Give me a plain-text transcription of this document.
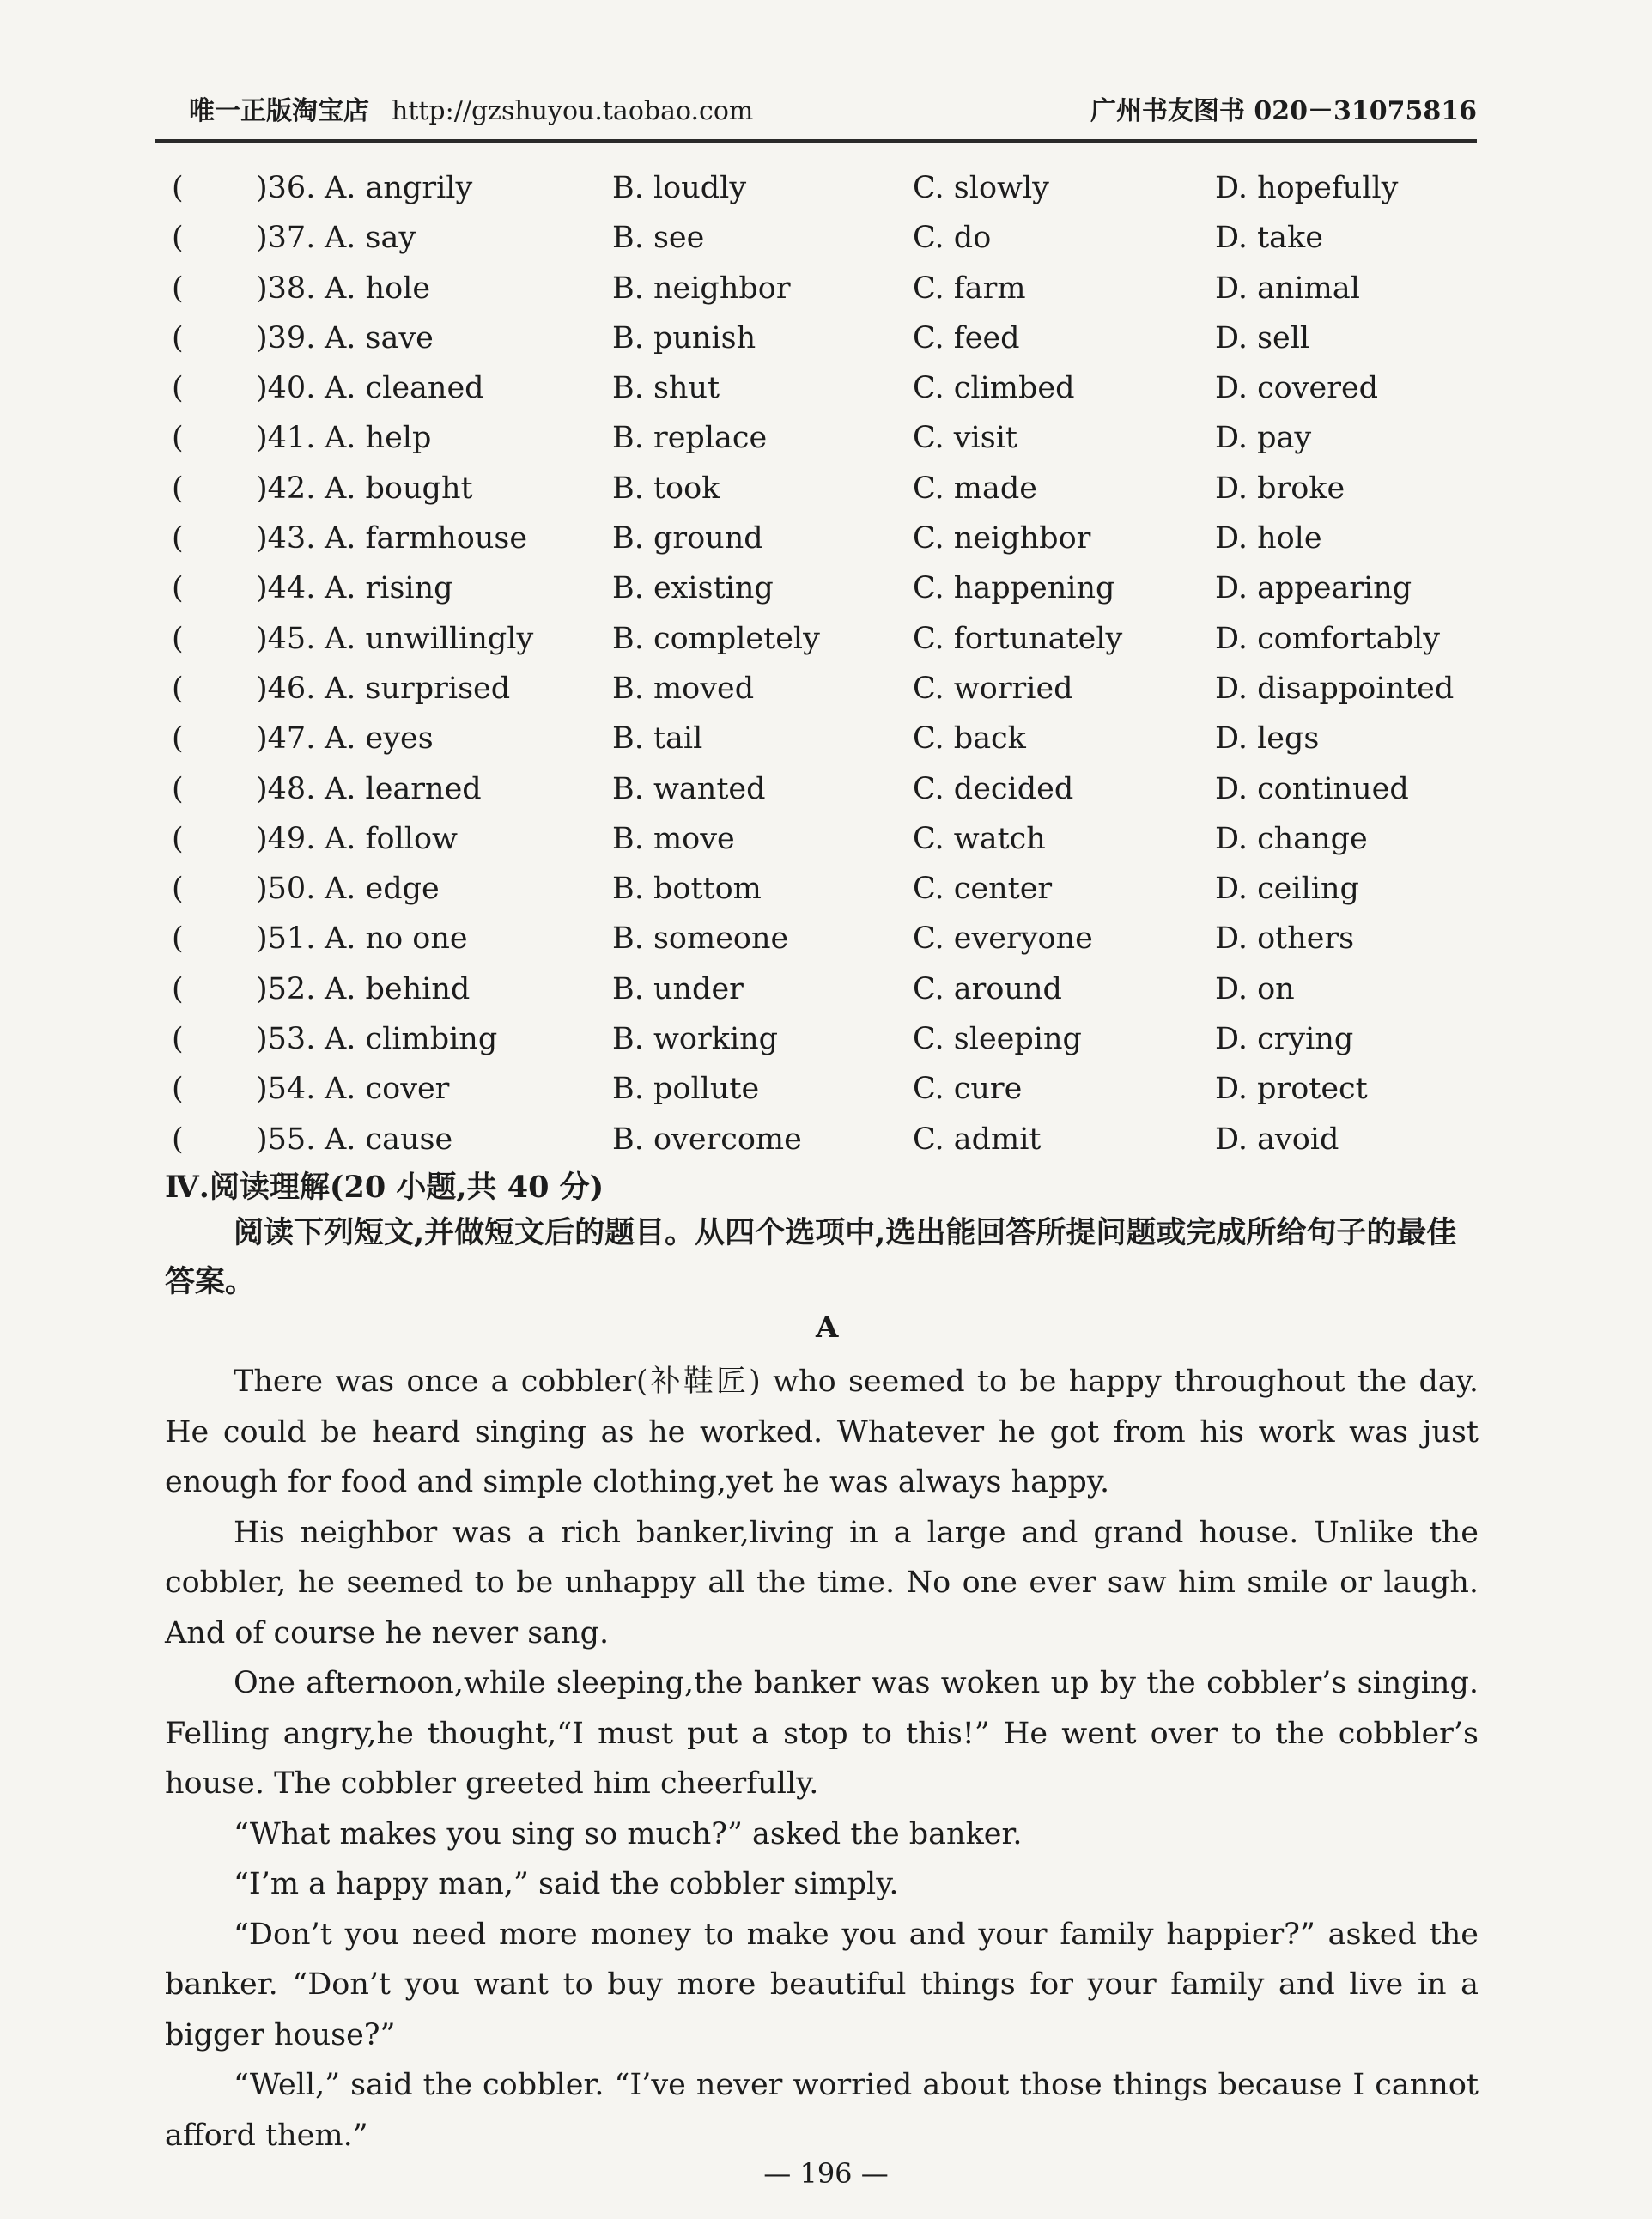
唯一正版淘宝店 http://gzshuyou.taobao.com	广州书友图书 020－31075816
( )36. A. angrily	B. loudly	C. slowly	D. hopefully
( )37. A. say	B. see	C. do	D. take
( )38. A. hole	B. neighbor	C. farm	D. animal
( )39. A. save	B. punish	C. feed	D. sell
( )40. A. cleaned	B. shut	C. climbed	D. covered
( )41. A. help	B. replace	C. visit	D. pay
( )42. A. bought	B. took	C. made	D. broke
( )43. A. farmhouse	B. ground	C. neighbor	D. hole
( )44. A. rising	B. existing	C. happening	D. appearing
( )45. A. unwillingly	B. completely	C. fortunately	D. comfortably
( )46. A. surprised	B. moved	C. worried	D. disappointed
( )47. A. eyes	B. tail	C. back	D. legs
( )48. A. learned	B. wanted	C. decided	D. continued
( )49. A. follow	B. move	C. watch	D. change
( )50. A. edge	B. bottom	C. center	D. ceiling
( )51. A. no one	B. someone	C. everyone	D. others
( )52. A. behind	B. under	C. around	D. on
( )53. A. climbing	B. working	C. sleeping	D. crying
( )54. A. cover	B. pollute	C. cure	D. protect
( )55. A. cause	B. overcome	C. admit	D. avoid
Ⅳ.阅读理解(20 小题,共 40 分)
阅读下列短文,并做短文后的题目。从四个选项中,选出能回答所提问题或完成所给句子的最佳答案。
A

There was once a cobbler(补鞋匠) who seemed to be happy throughout the day. He could be heard singing as he worked. Whatever he got from his work was just enough for food and simple clothing,yet he was always happy.

His neighbor was a rich banker,living in a large and grand house. Unlike the cobbler, he seemed to be unhappy all the time. No one ever saw him smile or laugh. And of course he never sang.

One afternoon,while sleeping,the banker was woken up by the cobbler’s singing. Felling angry,he thought,“I must put a stop to this!” He went over to the cobbler’s house. The cobbler greeted him cheerfully.

“What makes you sing so much?” asked the banker.

“I’m a happy man,” said the cobbler simply.

“Don’t you need more money to make you and your family happier?” asked the banker. “Don’t you want to buy more beautiful things for your family and live in a bigger house?”

“Well,” said the cobbler. “I’ve never worried about those things because I cannot afford them.”

— 196 —
